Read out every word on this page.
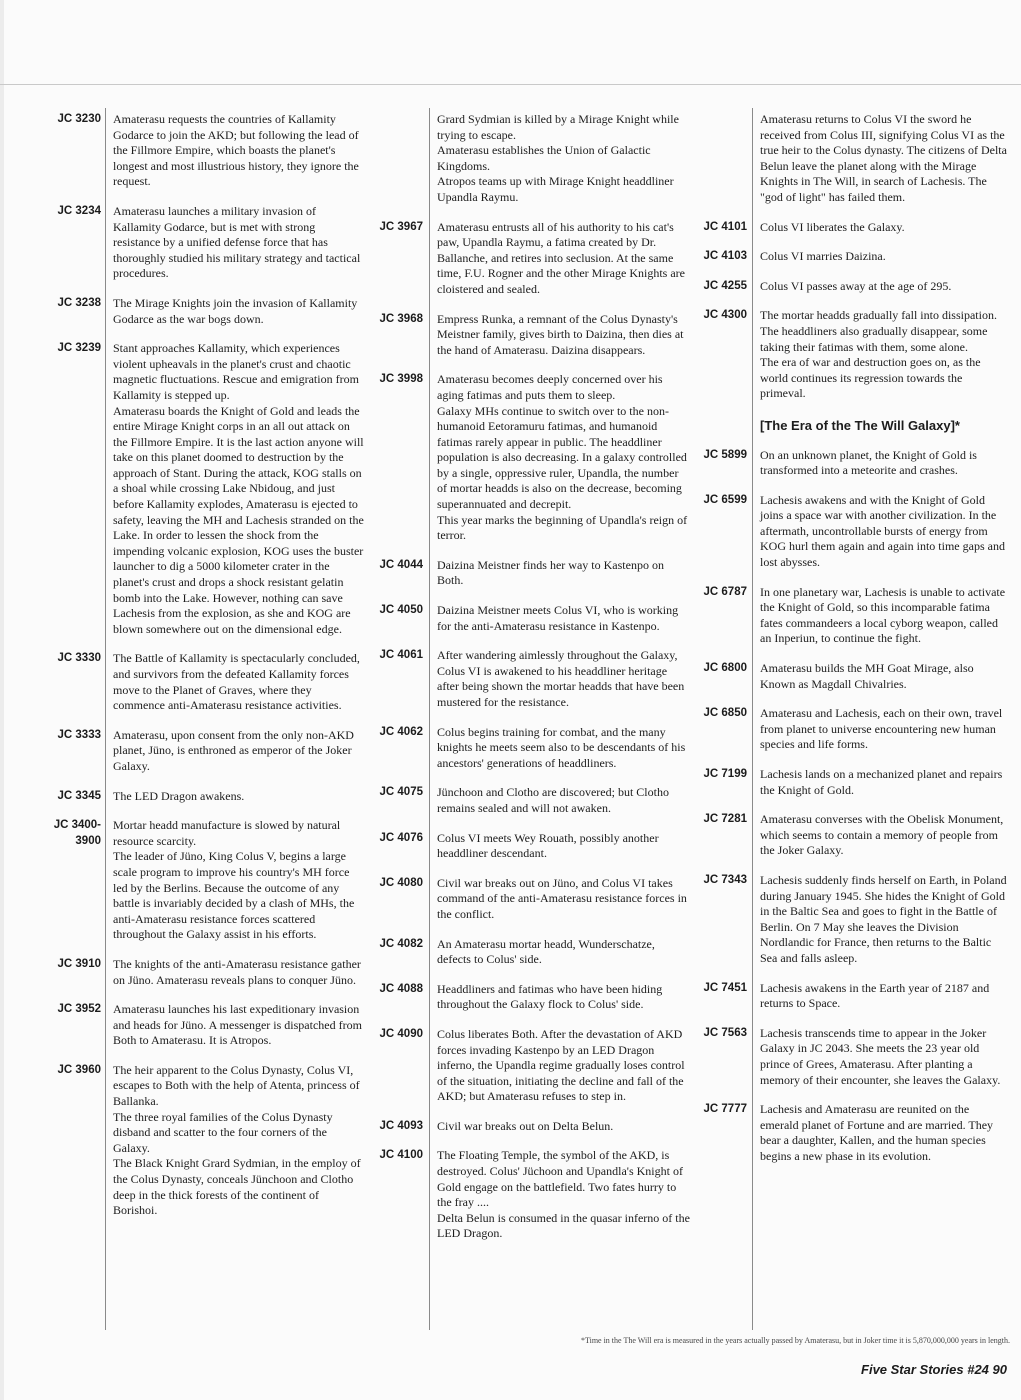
JC 3230 Amaterasu requests the countries of Kallamity Godarce to join the AKD; but following the lead of the Fillmore Empire, which boasts the planet's longest and most illustrious history, they ignore the request.

JC 3234 Amaterasu launches a military invasion of Kallamity Godarce, but is met with strong resistance by a unified defense force that has thoroughly studied his military strategy and tactical procedures.

JC 3238 The Mirage Knights join the invasion of Kallamity Godarce as the war bogs down.

JC 3239 Stant approaches Kallamity, which experiences violent upheavals in the planet's crust and chaotic magnetic fluctuations. Rescue and emigration from Kallamity is stepped up.
Amaterasu boards the Knight of Gold and leads the entire Mirage Knight corps in an all out attack on the Fillmore Empire. It is the last action anyone will take on this planet doomed to destruction by the approach of Stant. During the attack, KOG stalls on a shoal while crossing Lake Nbidoug, and just before Kallamity explodes, Amaterasu is ejected to safety, leaving the MH and Lachesis stranded on the Lake. In order to lessen the shock from the impending volcanic explosion, KOG uses the buster launcher to dig a 5000 kilometer crater in the planet's crust and drops a shock resistant gelatin bomb into the Lake. However, nothing can save Lachesis from the explosion, as she and KOG are blown somewhere out on the dimensional edge.

JC 3330 The Battle of Kallamity is spectacularly concluded, and survivors from the defeated Kallamity forces move to the Planet of Graves, where they commence anti-Amaterasu resistance activities.

JC 3333 Amaterasu, upon consent from the only non-AKD planet, Jüno, is enthroned as emperor of the Joker Galaxy.

JC 3345 The LED Dragon awakens.

JC 3400-
3900

Mortar headd manufacture is slowed by natural resource scarcity.
The leader of Jüno, King Colus V, begins a large scale program to improve his country's MH force led by the Berlins. Because the outcome of any battle is invariably decided by a clash of MHs, the anti-Amaterasu resistance forces scattered throughout the Galaxy assist in his efforts.

JC 3910 The knights of the anti-Amaterasu resistance gather on Jüno. Amaterasu reveals plans to conquer Jüno.

JC 3952 Amaterasu launches his last expeditionary invasion and heads for Jüno. A messenger is dispatched from Both to Amaterasu. It is Atropos.

JC 3960 The heir apparent to the Colus Dynasty, Colus VI, escapes to Both with the help of Atenta, princess of Ballanka.
The three royal families of the Colus Dynasty disband and scatter to the four corners of the Galaxy.
The Black Knight Grard Sydmian, in the employ of the Colus Dynasty, conceals Jünchoon and Clotho deep in the thick forests of the continent of Borishoi.

Grard Sydmian is killed by a Mirage Knight while trying to escape.
Amaterasu establishes the Union of Galactic Kingdoms.
Atropos teams up with Mirage Knight headdliner Upandla Raymu.

JC 3967 Amaterasu entrusts all of his authority to his cat's paw, Upandla Raymu, a fatima created by Dr. Ballanche, and retires into seclusion. At the same time, F.U. Rogner and the other Mirage Knights are cloistered and sealed.

JC 3968 Empress Runka, a remnant of the Colus Dynasty's Meistner family, gives birth to Daizina, then dies at the hand of Amaterasu. Daizina disappears.

JC 3998 Amaterasu becomes deeply concerned over his aging fatimas and puts them to sleep.
Galaxy MHs continue to switch over to the non-humanoid Eetoramuru fatimas, and humanoid fatimas rarely appear in public. The headdliner population is also decreasing. In a galaxy controlled by a single, oppressive ruler, Upandla, the number of mortar headds is also on the decrease, becoming superannuated and decrepit.
This year marks the beginning of Upandla's reign of terror.

JC 4044 Daizina Meistner finds her way to Kastenpo on Both.

JC 4050 Daizina Meistner meets Colus VI, who is working for the anti-Amaterasu resistance in Kastenpo.

JC 4061 After wandering aimlessly throughout the Galaxy, Colus VI is awakened to his headdliner heritage after being shown the mortar headds that have been mustered for the resistance.

JC 4062 Colus begins training for combat, and the many knights he meets seem also to be descendants of his ancestors' generations of headdliners.

JC 4075 Jünchoon and Clotho are discovered; but Clotho remains sealed and will not awaken.

JC 4076 Colus VI meets Wey Rouath, possibly another headdliner descendant.

JC 4080 Civil war breaks out on Jüno, and Colus VI takes command of the anti-Amaterasu resistance forces in the conflict.

JC 4082 An Amaterasu mortar headd, Wunderschatze, defects to Colus' side.

JC 4088 Headdliners and fatimas who have been hiding throughout the Galaxy flock to Colus' side.

JC 4090 Colus liberates Both. After the devastation of AKD forces invading Kastenpo by an LED Dragon inferno, the Upandla regime gradually loses control of the situation, initiating the decline and fall of the AKD; but Amaterasu refuses to step in.

JC 4093 Civil war breaks out on Delta Belun.

JC 4100 The Floating Temple, the symbol of the AKD, is destroyed. Colus' Jüchoon and Upandla's Knight of Gold engage on the battlefield. Two fates hurry to the fray ....
Delta Belun is consumed in the quasar inferno of the LED Dragon.

Amaterasu returns to Colus VI the sword he received from Colus III, signifying Colus VI as the true heir to the Colus dynasty. The citizens of Delta Belun leave the planet along with the Mirage Knights in The Will, in search of Lachesis. The "god of light" has failed them.

JC 4101 Colus VI liberates the Galaxy.

JC 4103 Colus VI marries Daizina.

JC 4255 Colus VI passes away at the age of 295.

JC 4300 The mortar headds gradually fall into dissipation. The headdliners also gradually disappear, some taking their fatimas with them, some alone.
The era of war and destruction goes on, as the world continues its regression towards the primeval.

[The Era of the The Will Galaxy]*
JC 5899 On an unknown planet, the Knight of Gold is transformed into a meteorite and crashes.

JC 6599 Lachesis awakens and with the Knight of Gold joins a space war with another civilization. In the aftermath, uncontrollable bursts of energy from KOG hurl them again and again into time gaps and lost abysses.

JC 6787 In one planetary war, Lachesis is unable to activate the Knight of Gold, so this incomparable fatima fates commandeers a local cyborg weapon, called an Inperiun, to continue the fight.

JC 6800 Amaterasu builds the MH Goat Mirage, also Known as Magdall Chivalries.

JC 6850 Amaterasu and Lachesis, each on their own, travel from planet to universe encountering new human species and life forms.

JC 7199 Lachesis lands on a mechanized planet and repairs the Knight of Gold.

JC 7281 Amaterasu converses with the Obelisk Monument, which seems to contain a memory of people from the Joker Galaxy.

JC 7343 Lachesis suddenly finds herself on Earth, in Poland during January 1945. She hides the Knight of Gold in the Baltic Sea and goes to fight in the Battle of Berlin. On 7 May she leaves the Division Nordlandic for France, then returns to the Baltic Sea and falls asleep.

JC 7451 Lachesis awakens in the Earth year of 2187 and returns to Space.

JC 7563 Lachesis transcends time to appear in the Joker Galaxy in JC 2043. She meets the 23 year old prince of Grees, Amaterasu. After planting a memory of their encounter, she leaves the Galaxy.

JC 7777 Lachesis and Amaterasu are reunited on the emerald planet of Fortune and are married. They bear a daughter, Kallen, and the human species begins a new phase in its evolution.

*Time in the The Will era is measured in the years actually passed by Amaterasu, but in Joker time it is 5,870,000,000 years in length.
Five Star Stories #24 90
